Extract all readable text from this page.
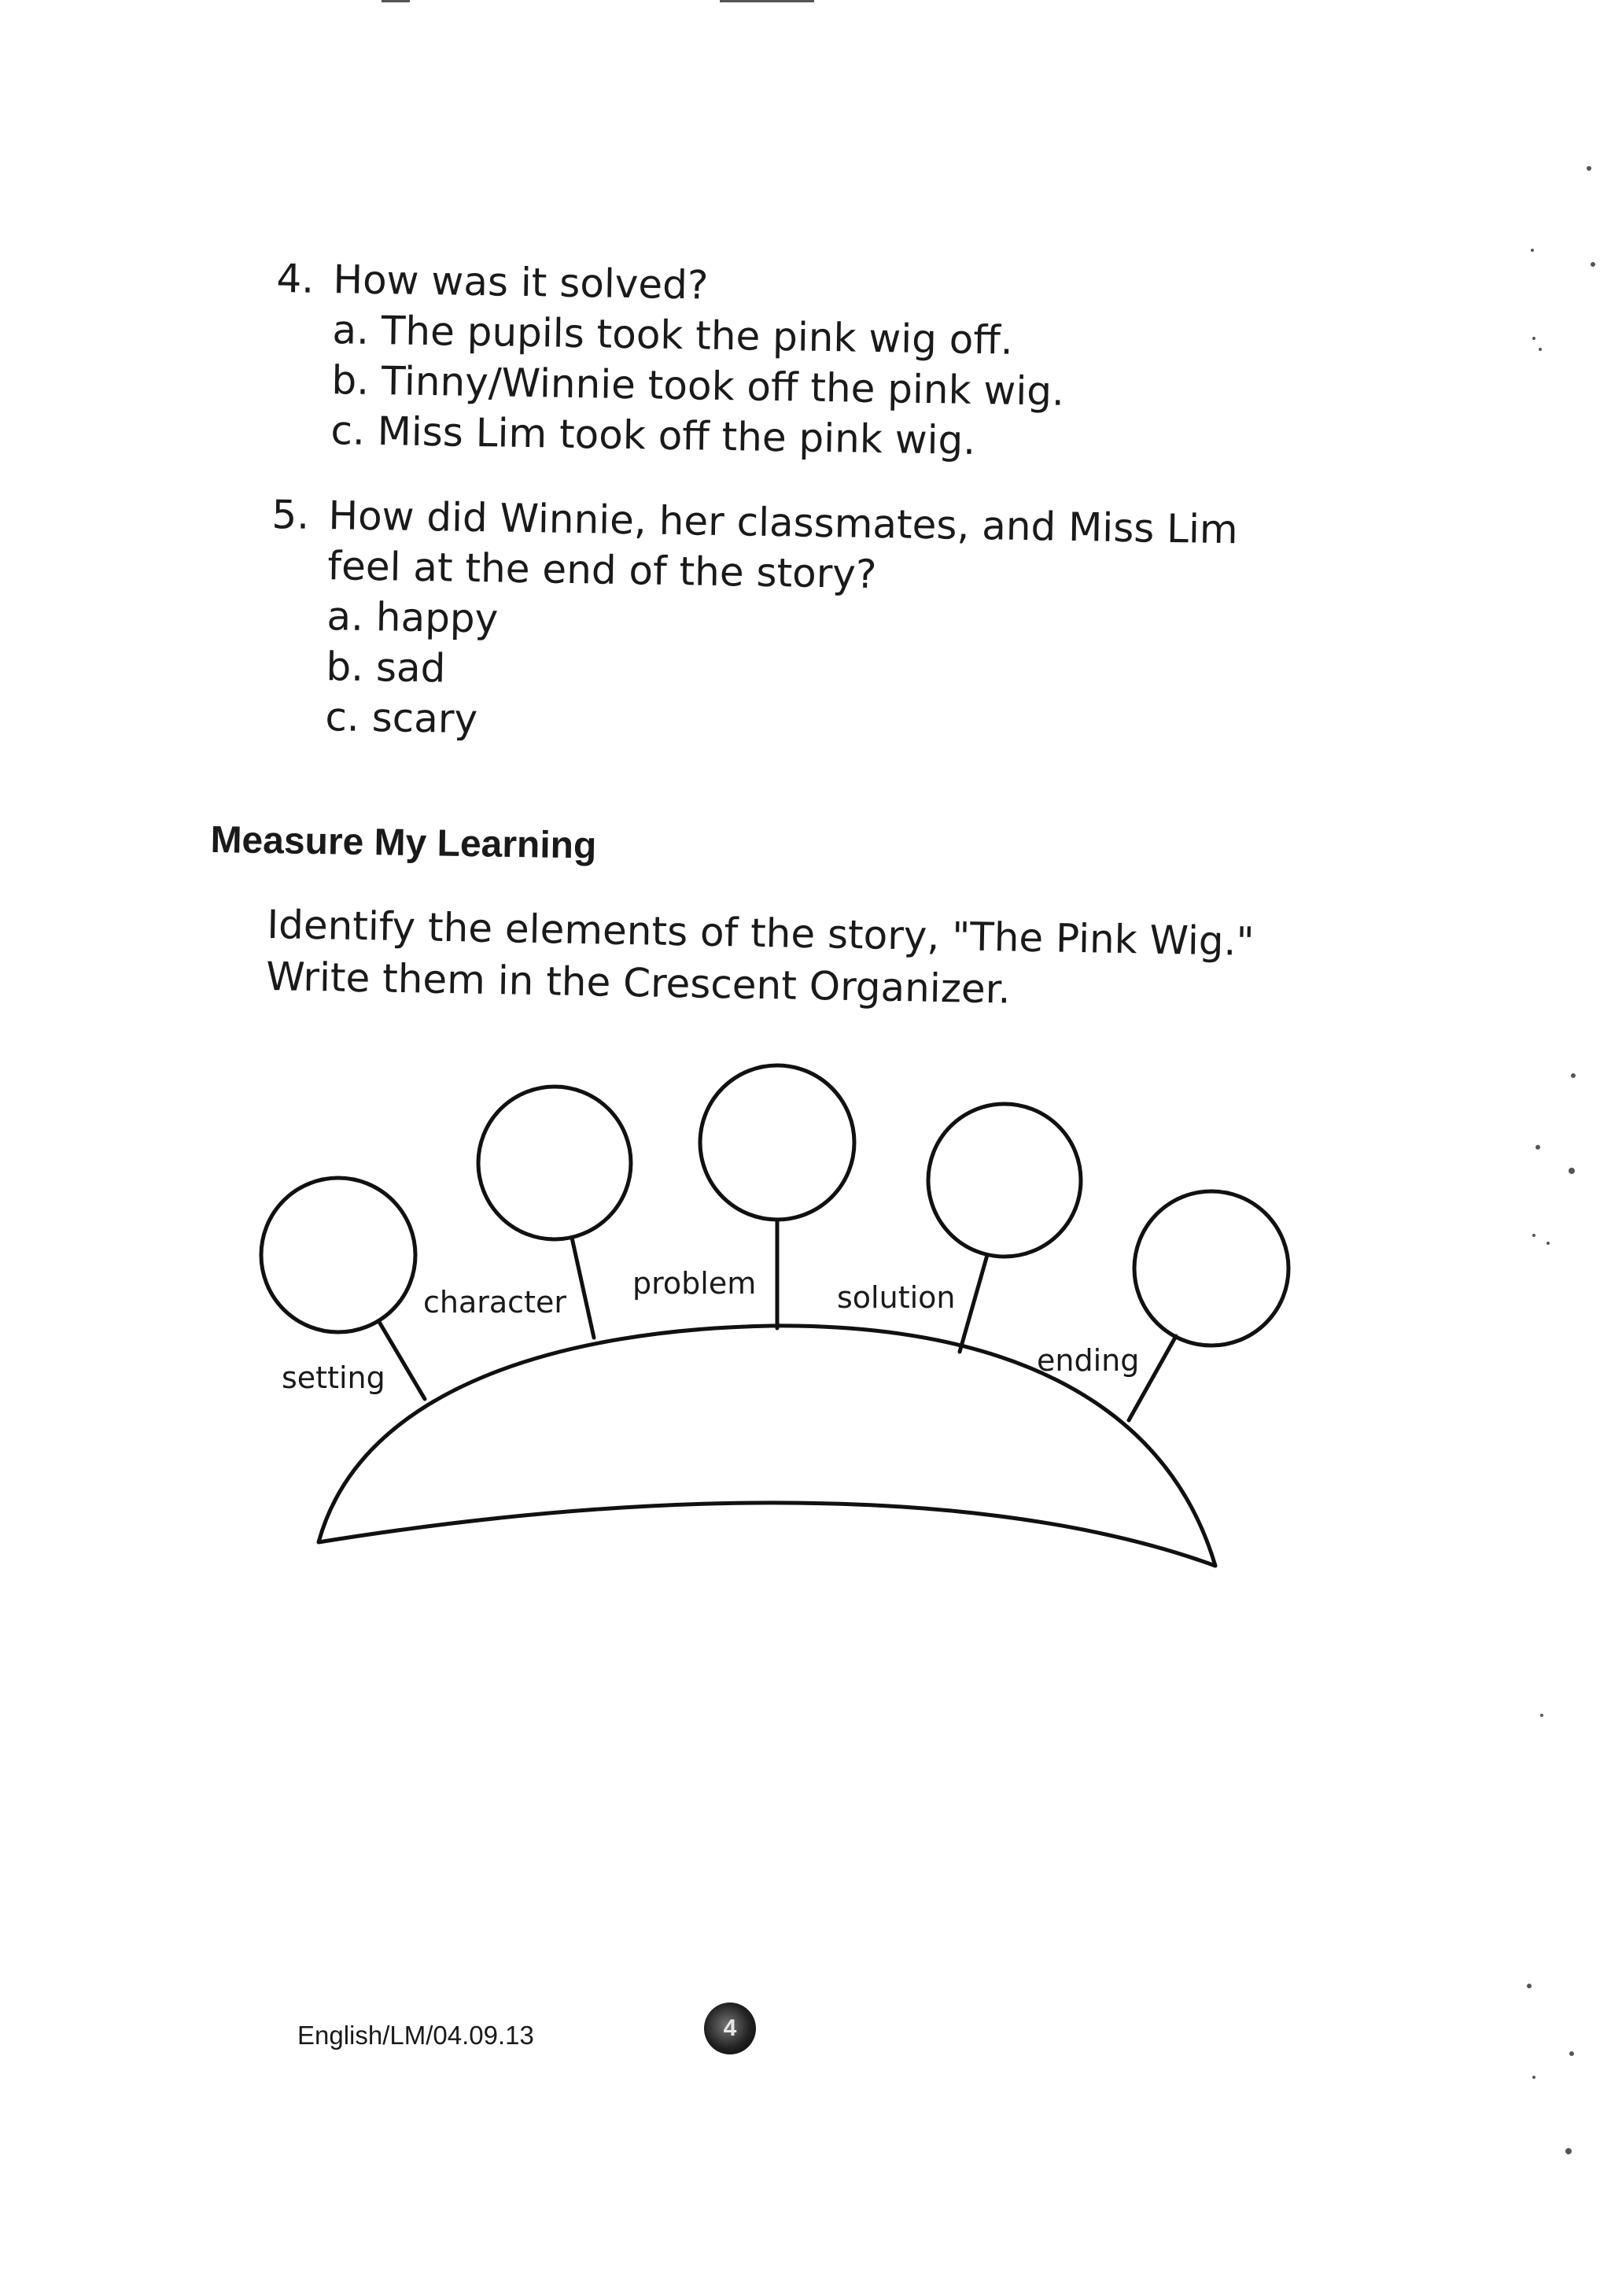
4. How was it solved?
a. The pupils took the pink wig off.
b. Tinny/Winnie took off the pink wig.
c. Miss Lim took off the pink wig.
5. How did Winnie, her classmates, and Miss Lim
feel at the end of the story?
a. happy
b. sad
c. scary
Measure My Learning
Identify the elements of the story, "The Pink Wig."
Write them in the Crescent Organizer.
setting
character
problem	solution
ending
English/LM/04.09.13	4
